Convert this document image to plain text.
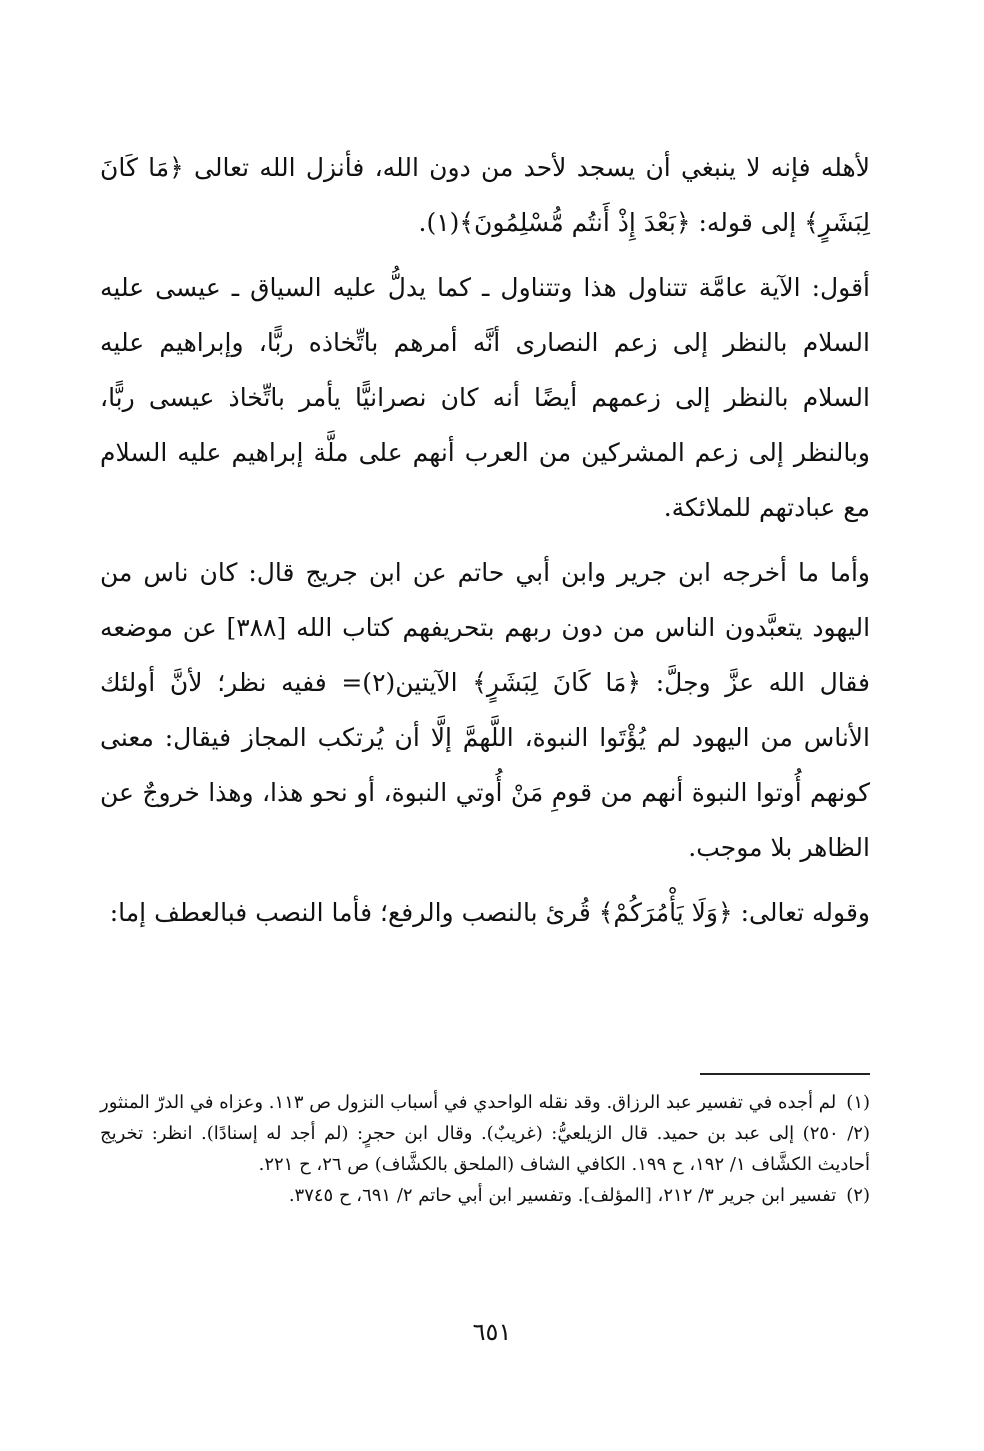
لأهله فإنه لا ينبغي أن يسجد لأحد من دون الله، فأنزل الله تعالى ﴿مَا كَانَ لِبَشَرٍ﴾ إلى قوله: ﴿بَعْدَ إِذْ أَنتُم مُّسْلِمُونَ﴾(١).

أقول: الآية عامَّة تتناول هذا وتتناول ـ كما يدلُّ عليه السياق ـ عيسى عليه السلام بالنظر إلى زعم النصارى أنَّه أمرهم باتِّخاذه ربًّا، وإبراهيم عليه السلام بالنظر إلى زعمهم أيضًا أنه كان نصرانيًّا يأمر باتِّخاذ عيسى ربًّا، وبالنظر إلى زعم المشركين من العرب أنهم على ملَّة إبراهيم عليه السلام مع عبادتهم للملائكة.

وأما ما أخرجه ابن جرير وابن أبي حاتم عن ابن جريج قال: كان ناس من اليهود يتعبَّدون الناس من دون ربهم بتحريفهم كتاب الله [٣٨٨] عن موضعه فقال الله عزَّ وجلَّ: ﴿مَا كَانَ لِبَشَرٍ﴾ الآيتين(٢)= ففيه نظر؛ لأنَّ أولئك الأناس من اليهود لم يُؤْتَوا النبوة، اللَّهمَّ إلَّا أن يُرتكب المجاز فيقال: معنى كونهم أُوتوا النبوة أنهم من قومِ مَنْ أُوتي النبوة، أو نحو هذا، وهذا خروجٌ عن الظاهر بلا موجب.

وقوله تعالى: ﴿وَلَا يَأْمُرَكُمْ﴾ قُرئ بالنصب والرفع؛ فأما النصب فبالعطف إما:

(١)لم أجده في تفسير عبد الرزاق. وقد نقله الواحدي في أسباب النزول ص ١١٣. وعزاه في الدرّ المنثور (٢/ ٢٥٠) إلى عبد بن حميد. قال الزيلعيُّ: (غريبٌ). وقال ابن حجرٍ: (لم أجد له إسنادًا). انظر: تخريج أحاديث الكشَّاف ١/ ١٩٢، ح ١٩٩. الكافي الشاف (الملحق بالكشَّاف) ص ٢٦، ح ٢٢١.

(٢)تفسير ابن جرير ٣/ ٢١٢، [المؤلف]. وتفسير ابن أبي حاتم ٢/ ٦٩١، ح ٣٧٤٥.

٦٥١
